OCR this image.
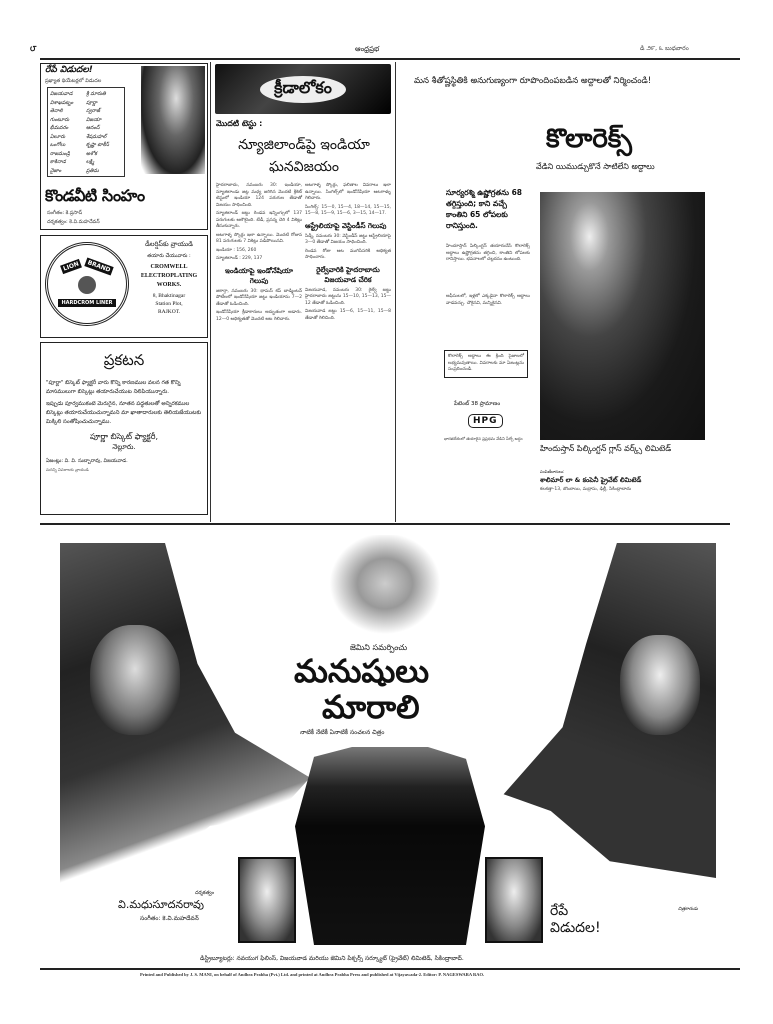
౮	ఆంధ్రప్రభ	డి ౨౯, ౬ బుధవారం
రేపే విడుదల!
ప్రఖ్యాత థియేటర్లలో విడుదల
విజయవాడ	శ్రీ మారుతి
విశాఖపట్నం	పూర్ణా
తెనాలి	స్వరాజ్
గుంటూరు	విజయా
భీమవరం	ఆనంద్
ఏలూరు	శేషమహల్
ఒంగోలు	కృష్ణా టాకీస్
రాజమండ్రి	అశోక
కాకినాడ	లక్ష్మి
నైజాం	ప్రతిమ
కొండవీటి సింహం
సంగీతం: కె.ప్రసాద్
దర్శకత్వం: కె.వి.మహదేవన్
LION	BRAND
HARDCROM LINER
డీలర్షిప్‌కు వ్రాయుడి
తయారు చేయువారు :
CROMWELL ELECTROPLATING WORKS.
8, Bhaktinagar
Station Plot,
RAJKOT.
ప్రకటన
"పూర్ణా" బిస్కెట్ ఫ్యాక్టరీ వారు కొన్ని కారణముల వలన గత కొన్ని మాసములుగా బిస్కెట్లు తయారుచేయుట నిలిపియున్నారు.
ఇప్పుడు పూర్వముకంటె మెరుగైన, నూతన పద్ధతులతో అన్నిరకముల బిస్కెట్లు తయారుచేయుచున్నామని మా ఖాతాదారులకు తెలియజేయుటకు మిక్కిలి సంతోషించుచున్నాము.
పూర్ణా బిస్కెట్ ఫ్యాక్టరీ,
నెల్లూరు.
ఏజంట్లు: వి. వి. సుబ్బారావు, విజయవాడ.
మరిన్ని వివరాలకు వ్రాయుడి
క్రీడాలోకం
మొదటి టెస్టు :
న్యూజిలాండ్‌పై ఇండియా ఘనవిజయం

హైదరాబాదు, నవంబరు 30: ఇండియా, న్యూజిలాండు జట్ల మధ్య జరిగిన మొదటి క్రికెట్ టెస్టులో ఇండియా 124 పరుగుల తేడాతో విజయం సాధించింది.

న్యూజిలాండ్ జట్టు రెండవ ఇన్నింగ్సులో 137 పరుగులకు ఆలౌటైంది. బేడీ, ప్రసన్న చెరి 4 వికెట్లు తీసుకున్నారు.

ఆటగాళ్ళ స్కోర్లు ఇలా ఉన్నాయి. మొదటి రోజున 81 పరుగులకు 7 వికెట్లు పడిపోయినవి.

ఇండియా : 156, 260

న్యూజిలాండ్ : 229, 137

ఇండియాపై ఇండోనేషియా గెలుపు

జకార్తా, నవంబరు 30: థామస్ కప్ బాడ్మింటన్ పోటీలలో ఇండోనేషియా జట్టు ఇండియాను 7—2 తేడాతో ఓడించింది.

ఇండోనేషియా క్రీడాకారులు అద్భుతంగా ఆడారు. 12—0 ఆధిక్యతతో మొదటి ఆట గెలిచారు.

ఆటగాళ్ళ స్కోర్లు, ఫలితాల వివరాలు ఇలా ఉన్నాయి. సింగిల్స్‌లో ఇండోనేషియా ఆటగాళ్ళు గెలిచారు.

సింగిల్స్: 15—0, 15—4, 18—14, 15—15, 15—8, 15—9, 15—6, 3—15, 14—17.

ఆస్ట్రేలియాపై వెస్టిండీస్ గెలుపు

సిడ్నీ, నవంబరు 30: వెస్టిండీస్ జట్టు ఆస్ట్రేలియాపై 3—0 తేడాతో విజయం సాధించింది.

రెండవ రోజు ఆట ముగిసేసరికి ఆధిక్యత సాధించారు.

రైల్వేవారికి హైదరాబాదు విజయవాడ చేరిక

విజయవాడ, నవంబరు 30: రైల్వే జట్టు హైదరాబాదు జట్టును 15—10, 15—13, 15—12 తేడాతో ఓడించింది.

విజయవాడ జట్టు 15—6, 15—11, 15—8 తేడాతో గెలిచింది.

మన శీతోష్ణస్థితికి అనుగుణ్యంగా రూపొందింపబడిన అద్దాలతో నిర్మించండి!
కొలారెక్స్
వేడిని యిముడ్చుకొనే సాటిలేని అద్దాలు
సూర్యరశ్మి ఉష్ణోగ్రతను 68 తగ్గిస్తుంది; కాని వచ్చే కాంతిని 65 లోపలకు రానిస్తుంది.
హిందూస్తాన్ పిల్కింగ్టన్ తయారుచేసే కొలారెక్స్ అద్దాలు ఉష్ణోగ్రతను తగ్గించి, కాంతిని లోపలకు రానిస్తాయి. భవనాలలో చల్లదనం ఉంటుంది.
ఆఫీసులలో, ఇళ్లలో ఎక్కడైనా కొలారెక్స్ అద్దాలు వాడవచ్చు. చౌకైనవి, మన్నికైనవి.
కొలారెక్స్ అద్దాలు ఈ క్రింది సైజులలో లభ్యమవుతాయి. వివరాలకు మా ఏజంట్లను సంప్రదించండి.
పేటెంట్ 38 ప్రామాణం
HPG
భారతదేశంలో తయారైన ప్రప్రథమ వేడిని పీల్చే అద్దం
హిందుస్తాన్ పిల్కింగ్టన్ గ్లాస్ వర్క్స్ లిమిటెడ్
పంపిణీదారులు:
శాలిమార్ లా & కంపెనీ ప్రైవేట్ లిమిటెడ్
కలకత్తా-13, బొంబాయి, మద్రాసు, ఢిల్లీ, సికింద్రాబాదు
జెమిని సమర్పించు
మనుషులు
మారాలి
నాటికీ నేటికీ ఏనాటికీ సంచలన చిత్రం
దర్శకత్వం
వి.మధుసూదనరావు
సంగీతం: కె.వి.మహదేవన్	రేపే విడుదల!
చిత్రకారుడు
డిస్ట్రిబ్యూటర్లు: నవయుగ ఫిలింస్, విజయవాడ మరియు జెమిని పిక్చర్స్ సర్క్యూట్ (ప్రైవేట్) లిమిటెడ్, సికింద్రాబాద్.
Printed and Published by J. S. MANI, on behalf of Andhra Prabha (Pvt.) Ltd. and printed at Andhra Prabha Press and published at Vijayawada-2. Editor: P. NAGESWARA RAO.
